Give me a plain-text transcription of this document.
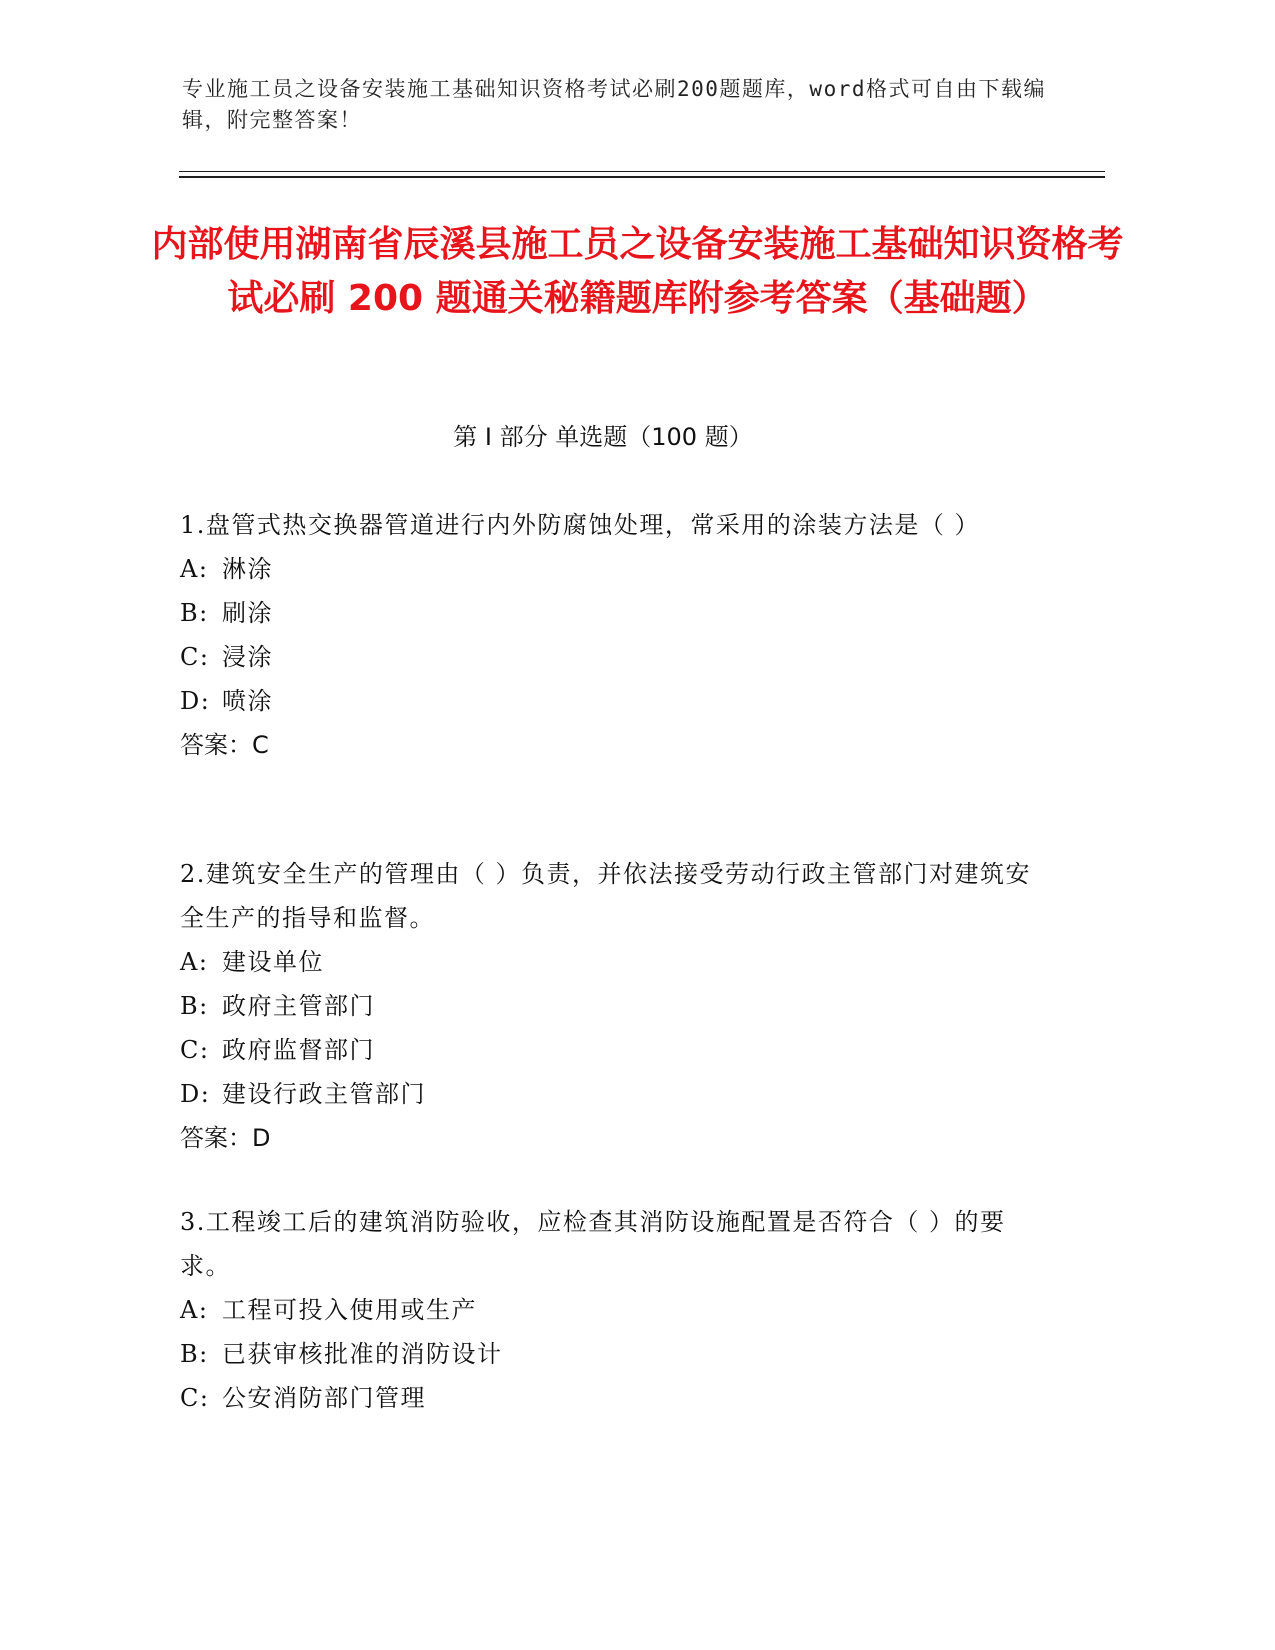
专业施工员之设备安装施工基础知识资格考试必刷200题题库，word格式可自由下载编辑，附完整答案！
内部使用湖南省辰溪县施工员之设备安装施工基础知识资格考试必刷 200 题通关秘籍题库附参考答案（基础题）
第 I 部分 单选题（100 题）
1.盘管式热交换器管道进行内外防腐蚀处理，常采用的涂装方法是（ ）
A: 淋涂
B: 刷涂
C: 浸涂
D: 喷涂
答案：C
2.建筑安全生产的管理由（ ）负责，并依法接受劳动行政主管部门对建筑安全生产的指导和监督。
A: 建设单位
B: 政府主管部门
C: 政府监督部门
D: 建设行政主管部门
答案：D
3.工程竣工后的建筑消防验收，应检查其消防设施配置是否符合（ ）的要求。
A: 工程可投入使用或生产
B: 已获审核批准的消防设计
C: 公安消防部门管理
